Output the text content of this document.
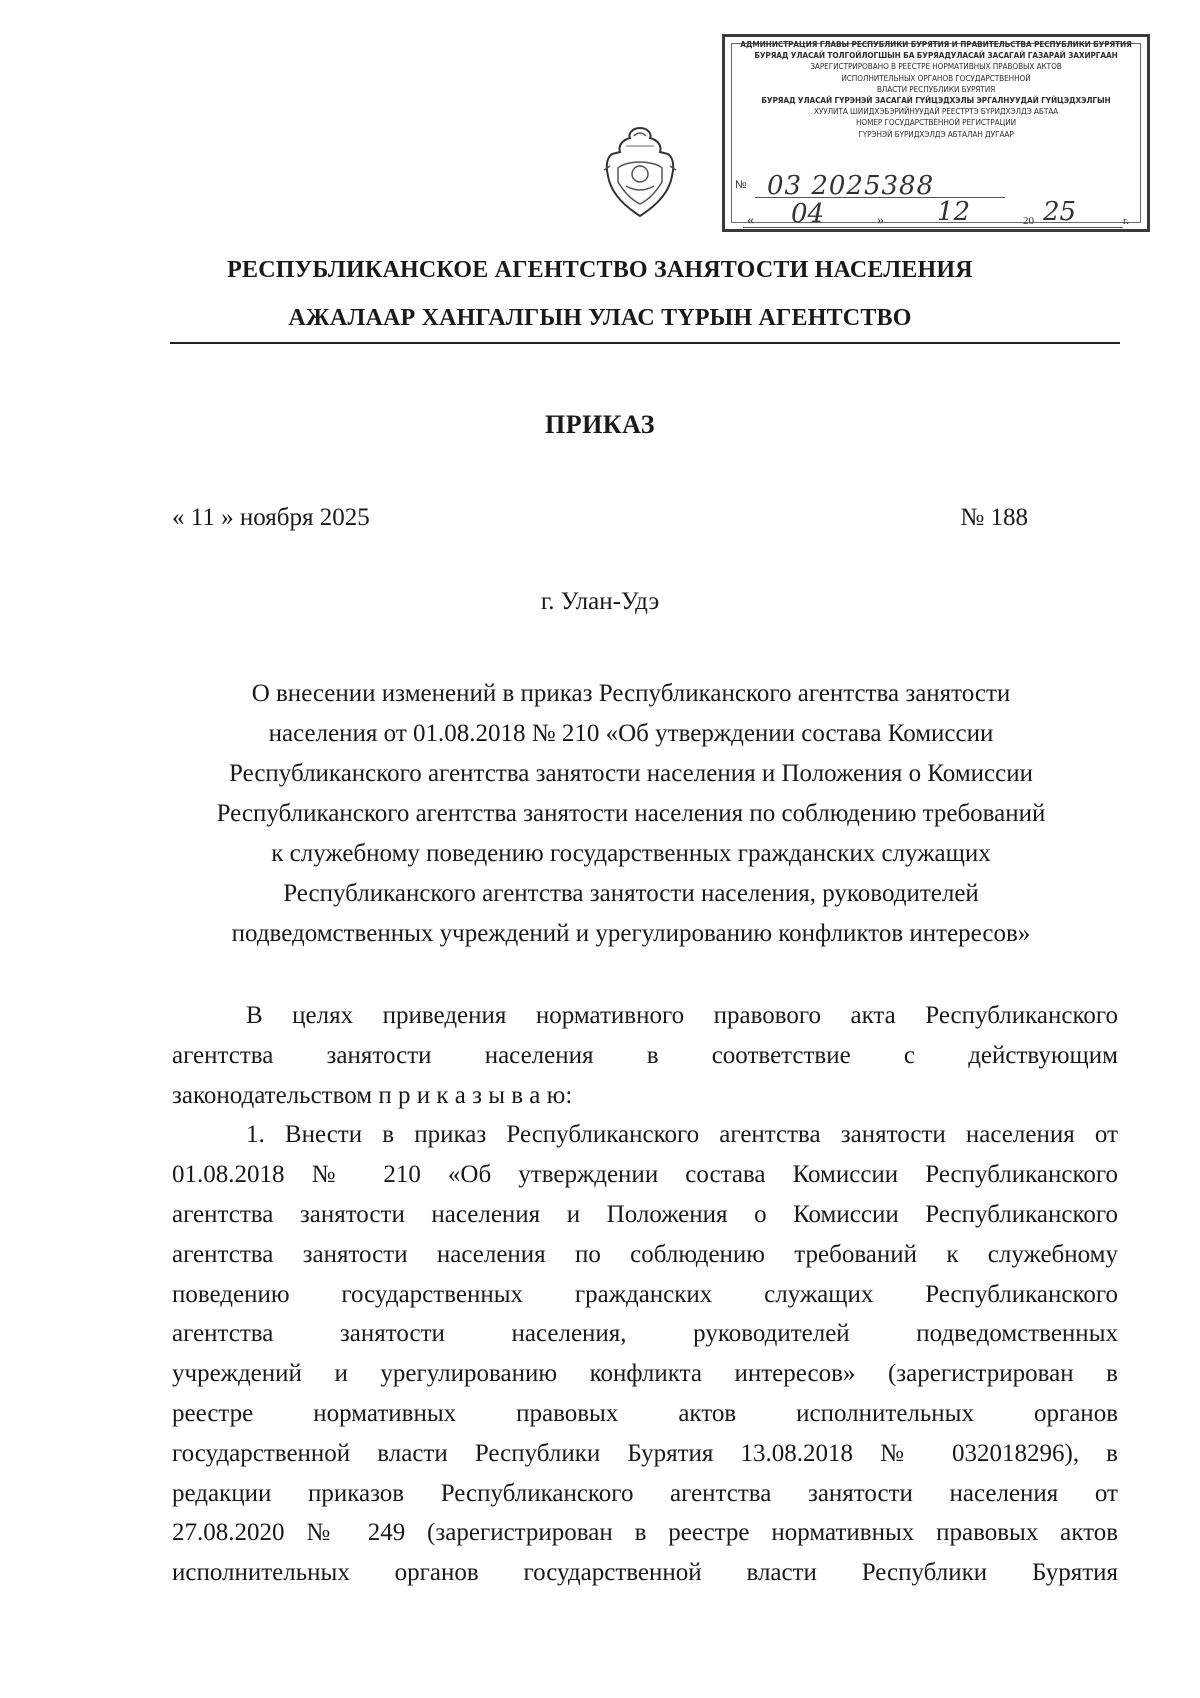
АДМИНИСТРАЦИЯ ГЛАВЫ РЕСПУБЛИКИ БУРЯТИЯ И ПРАВИТЕЛЬСТВА РЕСПУБЛИКИ БУРЯТИЯ
БУРЯАД УЛАСАЙ ТОЛГОЙЛОГШЫН БА БУРЯАДУЛАСАЙ ЗАСАГАЙ ГАЗАРАЙ ЗАХИРГААН
ЗАРЕГИСТРИРОВАНО В РЕЕСТРЕ НОРМАТИВНЫХ ПРАВОВЫХ АКТОВ
ИСПОЛНИТЕЛЬНЫХ ОРГАНОВ ГОСУДАРСТВЕННОЙ
ВЛАСТИ РЕСПУБЛИКИ БУРЯТИЯ
БУРЯАД УЛАСАЙ ГҮРЭНЭЙ ЗАСАГАЙ ГҮЙЦЭДХЭЛЫ ЭРГАЛНУУДАЙ ГҮЙЦЭДХЭЛГЫН
ХУУЛИТА ШИИДХЭБЭРИЙНУУДАЙ РЕЕСТРТЭ БҮРИДХЭЛДЭ АБТАА
НОМЕР ГОСУДАРСТВЕННОЙ РЕГИСТРАЦИИ
ГҮРЭНЭЙ БҮРИДХЭЛДЭ АБТАЛАН ДУГААР
№ 03 2025388
« 04	» 12	20 25	г.
РЕСПУБЛИКАНСКОЕ АГЕНТСТВО ЗАНЯТОСТИ НАСЕЛЕНИЯ
АЖАЛААР ХАНГАЛГЫН УЛАС ТҮРЫН АГЕНТСТВО
ПРИКАЗ
« 11 » ноября 2025	№ 188
г. Улан-Удэ
О внесении изменений в приказ Республиканского агентства занятости
населения от 01.08.2018 № 210 «Об утверждении состава Комиссии
Республиканского агентства занятости населения и Положения о Комиссии
Республиканского агентства занятости населения по соблюдению требований
к служебному поведению государственных гражданских служащих
Республиканского агентства занятости населения, руководителей
подведомственных учреждений и урегулированию конфликтов интересов»
В целях приведения нормативного правового акта Республиканского
агентства занятости населения в соответствие с действующим
законодательством п р и к а з ы в а ю:
1. Внести в приказ Республиканского агентства занятости населения от
01.08.2018 № 210 «Об утверждении состава Комиссии Республиканского
агентства занятости населения и Положения о Комиссии Республиканского
агентства занятости населения по соблюдению требований к служебному
поведению государственных гражданских служащих Республиканского
агентства занятости населения, руководителей подведомственных
учреждений и урегулированию конфликта интересов» (зарегистрирован в
реестре нормативных правовых актов исполнительных органов
государственной власти Республики Бурятия 13.08.2018 № 032018296), в
редакции приказов Республиканского агентства занятости населения от
27.08.2020 № 249 (зарегистрирован в реестре нормативных правовых актов
исполнительных органов государственной власти Республики Бурятия
